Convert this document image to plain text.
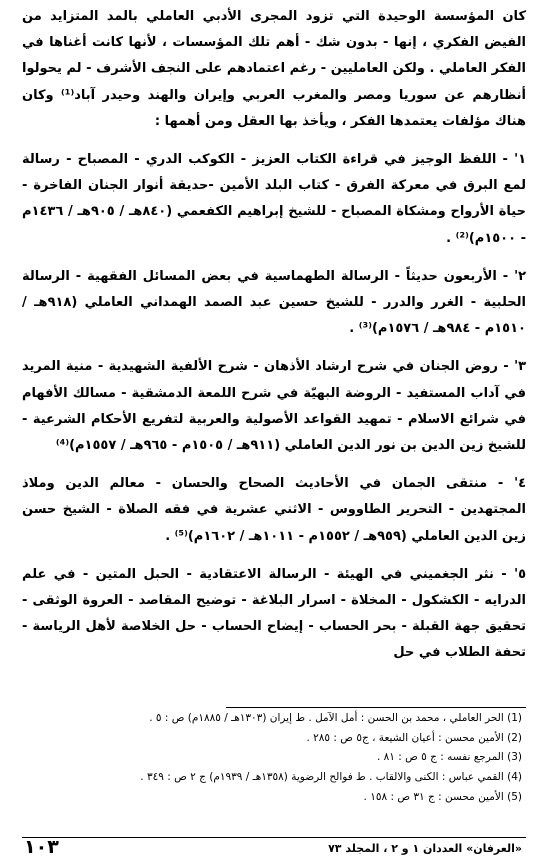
كان المؤسسة الوحيدة التي تزود المجرى الأدبي العاملي بالمد المتزايد من الفيض الفكري ، إنها - بدون شك - أهم تلك المؤسسات ، لأنها كانت أغناها في الفكر العاملي . ولكن العامليين - رغم اعتمادهم على النجف الأشرف - لم يحولوا أنظارهم عن سوريا ومصر والمغرب العربي وإيران والهند وحيدر آباد⁽¹⁾ وكان هناك مؤلفات يعتمدها الفكر ، ويأخذ بها العقل ومن أهمها :

١' - اللفظ الوجيز في قراءة الكتاب العزيز - الكوكب الدري - المصباح - رسالة لمع البرق في معركة الفرق - كتاب البلد الأمين -حديقة أنوار الجنان الفاخرة - حياة الأرواح ومشكاة المصباح - للشيخ إبراهيم الكفعمي (٨٤٠هـ / ٩٠٥هـ / ١٤٣٦م - ١٥٠٠م)⁽²⁾ .

٢' - الأربعون حديثاً - الرسالة الطهماسية في بعض المسائل الفقهية - الرسالة الحلبية - الغرر والدرر - للشيخ حسين عبد الصمد الهمداني العاملي (٩١٨هـ / ١٥١٠م - ٩٨٤هـ / ١٥٧٦م)⁽³⁾ .

٣' - روض الجنان في شرح ارشاد الأذهان - شرح الألفية الشهيدية - منية المريد في آداب المستفيد - الروضة البهيّة في شرح اللمعة الدمشقية - مسالك الأفهام في شرائع الاسلام - تمهيد القواعد الأصولية والعربية لتفريع الأحكام الشرعية - للشيخ زين الدين بن نور الدين العاملي (٩١١هـ / ١٥٠٥م - ٩٦٥هـ / ١٥٥٧م)⁽⁴⁾

٤' - منتقى الجمان في الأحاديث الصحاح والحسان - معالم الدين وملاذ المجتهدين - التحرير الطاووس - الاثني عشرية في فقه الصلاة - الشيخ حسن زين الدين العاملي (٩٥٩هـ / ١٥٥٢م - ١٠١١هـ / ١٦٠٢م)⁽⁵⁾ .

٥' - نثر الجغميني في الهيئة - الرسالة الاعتقادية - الحبل المتين - في علم الدرايه - الكشكول - المخلاة - اسرار البلاغة - توضيح المقاصد - العروة الوثقى - تحقيق جهة القبلة - بحر الحساب - إيضاح الحساب - حل الخلاصة لأهل الرياسة - تحفة الطلاب في حل

(1) الحر العاملي ، محمد بن الحسن : أمل الآمل . ط إيران (١٣٠٣هـ / ١٨٨٥م) ص : ٥ .

(2) الأمين محسن : أعيان الشيعة ، ج٥ ص : ٢٨٥ .

(3) المرجع نفسه : ج ٥ ص : ٨١ .

(4) القمي عباس : الكنى والالقاب . ط فوالح الرضوية (١٣٥٨هـ / ١٩٣٩م) ج ٢ ص : ٣٤٩ .

(5) الأمين محسن : ج ٣١ ص : ١٥٨ .

«العرفان» العددان ١ و ٢ ، المجلد ٧٣
١٠٣
